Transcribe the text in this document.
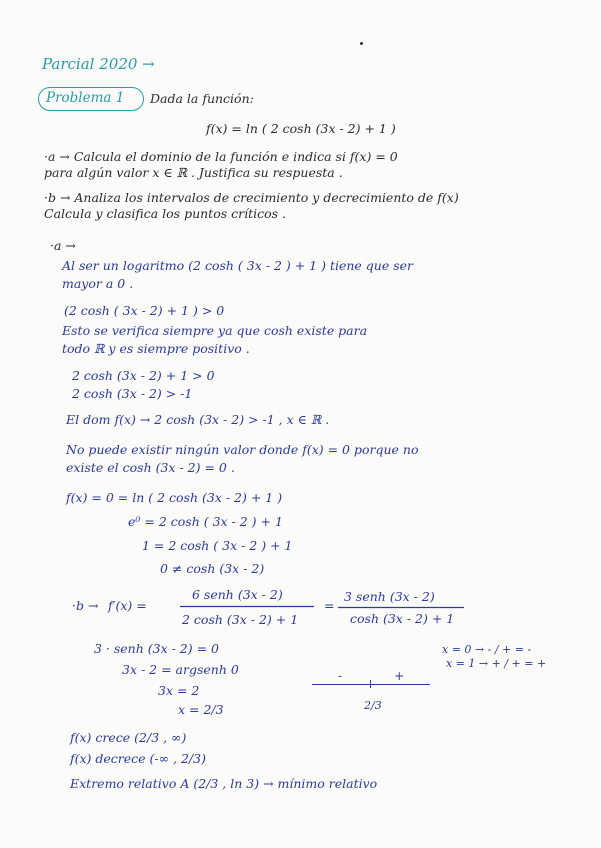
Parcial 2020 →
Problema 1 Dada la función:
f(x) = ln ( 2 cosh (3x - 2) + 1 )
·a → Calcula el dominio de la función e indica si f(x) = 0
para algún valor x ∈ ℝ . Justifica su respuesta .
·b → Analiza los intervalos de crecimiento y decrecimiento de f(x)
Calcula y clasifica los puntos críticos .
·a →
Al ser un logaritmo (2 cosh ( 3x - 2 ) + 1 ) tiene que ser
mayor a 0 .
(2 cosh ( 3x - 2) + 1 ) > 0
Esto se verifica siempre ya que cosh existe para
todo ℝ y es siempre positivo .
2 cosh (3x - 2) + 1 > 0
2 cosh (3x - 2) > -1
El dom f(x) → 2 cosh (3x - 2) > -1 , x ∈ ℝ .
No puede existir ningún valor donde f(x) = 0 porque no
existe el cosh (3x - 2) = 0 .
f(x) = 0 = ln ( 2 cosh (3x - 2) + 1 )
e⁰ = 2 cosh ( 3x - 2 ) + 1
1 = 2 cosh ( 3x - 2 ) + 1
0 ≠ cosh (3x - 2)
·b → f′(x) =
6 senh (3x - 2)
2 cosh (3x - 2) + 1
=
3 senh (3x - 2)
cosh (3x - 2) + 1
3 · senh (3x - 2) = 0
3x - 2 = argsenh 0
3x = 2
x = 2/3
x = 0 → - / + = -
x = 1 → + / + = +
-	+
2/3
f(x) crece (2/3 , ∞)
f(x) decrece (-∞ , 2/3)
Extremo relativo A (2/3 , ln 3) → mínimo relativo
